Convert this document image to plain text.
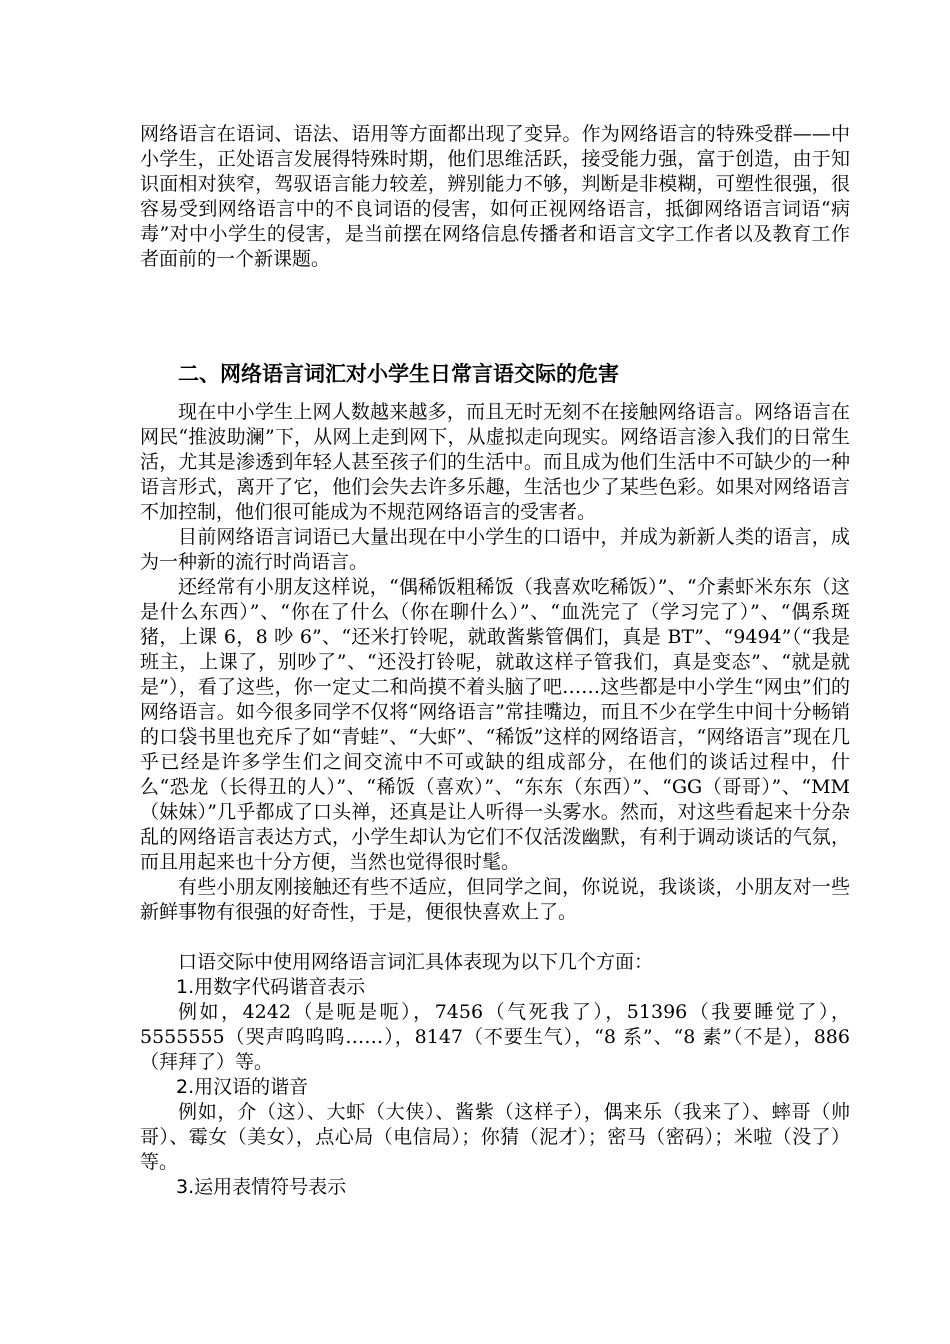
网络语言在语词、语法、语用等方面都出现了变异。作为网络语言的特殊受群——中小学生，正处语言发展得特殊时期，他们思维活跃，接受能力强，富于创造，由于知识面相对狭窄，驾驭语言能力较差，辨别能力不够，判断是非模糊，可塑性很强，很容易受到网络语言中的不良词语的侵害，如何正视网络语言，抵御网络语言词语“病毒”对中小学生的侵害，是当前摆在网络信息传播者和语言文字工作者以及教育工作者面前的一个新课题。

二、网络语言词汇对小学生日常言语交际的危害

现在中小学生上网人数越来越多，而且无时无刻不在接触网络语言。网络语言在网民“推波助澜”下，从网上走到网下，从虚拟走向现实。网络语言渗入我们的日常生活，尤其是渗透到年轻人甚至孩子们的生活中。而且成为他们生活中不可缺少的一种语言形式，离开了它，他们会失去许多乐趣，生活也少了某些色彩。如果对网络语言不加控制，他们很可能成为不规范网络语言的受害者。

目前网络语言词语已大量出现在中小学生的口语中，并成为新新人类的语言，成为一种新的流行时尚语言。

还经常有小朋友这样说，“偶稀饭粗稀饭（我喜欢吃稀饭）”、“介素虾米东东（这是什么东西）”、“你在了什么（你在聊什么）”、“血洗完了（学习完了）”、“偶系斑猪，上课 6，8 吵 6”、“还米打铃呢，就敢酱紫管偶们，真是 BT”、“9494”（“我是班主，上课了，别吵了”、“还没打铃呢，就敢这样子管我们，真是变态”、“就是就是”），看了这些，你一定丈二和尚摸不着头脑了吧……这些都是中小学生“网虫”们的网络语言。如今很多同学不仅将“网络语言”常挂嘴边，而且不少在学生中间十分畅销的口袋书里也充斥了如“青蛙”、“大虾”、“稀饭”这样的网络语言，“网络语言”现在几乎已经是许多学生们之间交流中不可或缺的组成部分，在他们的谈话过程中，什么“恐龙（长得丑的人）”、“稀饭（喜欢）”、“东东（东西）”、“GG（哥哥）”、“MM（妹妹）”几乎都成了口头禅，还真是让人听得一头雾水。然而，对这些看起来十分杂乱的网络语言表达方式，小学生却认为它们不仅活泼幽默，有利于调动谈话的气氛，而且用起来也十分方便，当然也觉得很时髦。

有些小朋友刚接触还有些不适应，但同学之间，你说说，我谈谈，小朋友对一些新鲜事物有很强的好奇性，于是，便很快喜欢上了。

口语交际中使用网络语言词汇具体表现为以下几个方面：

1.用数字代码谐音表示

例如，4242（是呃是呃），7456（气死我了），51396（我要睡觉了），5555555（哭声呜呜呜……），8147（不要生气），“8 系”、“8 素”（不是），886（拜拜了）等。

2.用汉语的谐音

例如，介（这）、大虾（大侠）、酱紫（这样子），偶来乐（我来了）、蟀哥（帅哥）、霉女（美女），点心局（电信局）；你猜（泥才）；密马（密码）；米啦（没了）等。

3.运用表情符号表示
